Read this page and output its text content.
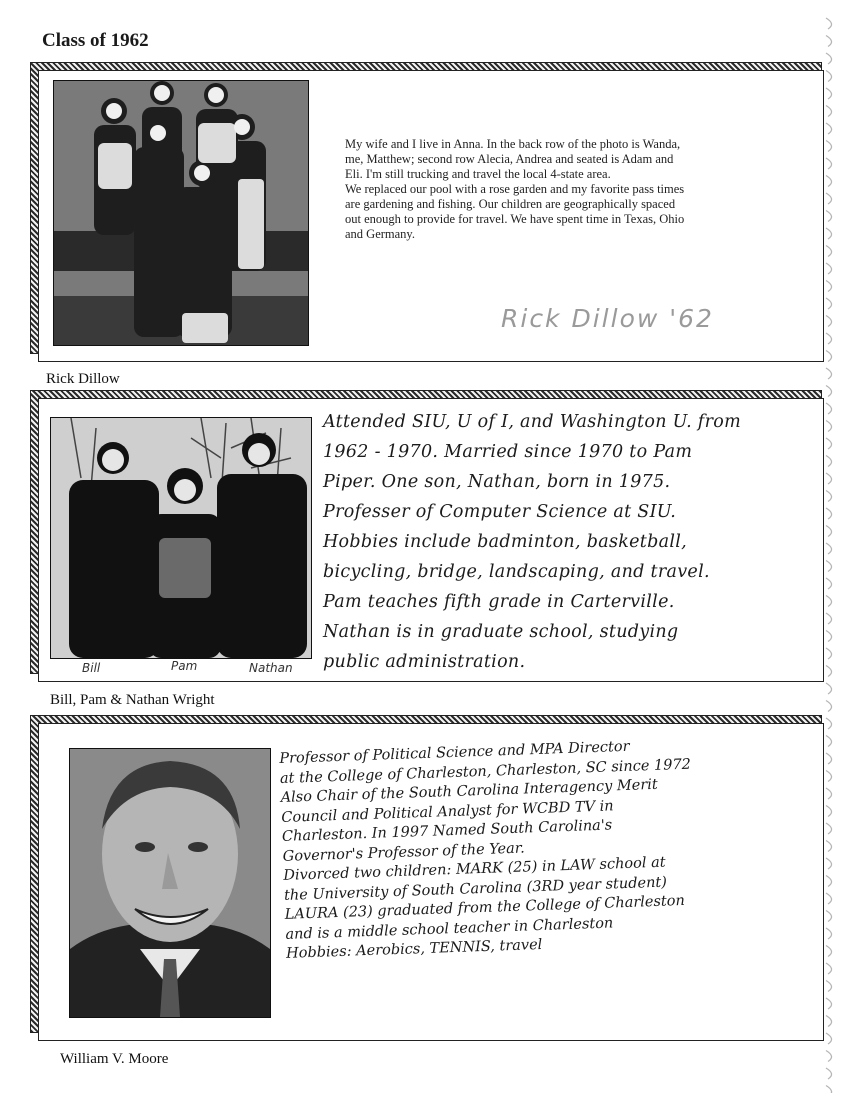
Class of 1962
My wife and I live in Anna. In the back row of the photo is Wanda,
me, Matthew; second row Alecia, Andrea and seated is Adam and
Eli. I'm still trucking and travel the local 4-state area.
We replaced our pool with a rose garden and my favorite pass times
are gardening and fishing. Our children are geographically spaced
out enough to provide for travel. We have spent time in Texas, Ohio
and Germany.
Rick Dillow '62
Rick Dillow
Bill	Pam	Nathan
Attended SIU, U of I, and Washington U. from
1962 - 1970. Married since 1970 to Pam
Piper. One son, Nathan, born in 1975.
Professer of Computer Science at SIU.
Hobbies include badminton, basketball,
bicycling, bridge, landscaping, and travel.
Pam teaches fifth grade in Carterville.
Nathan is in graduate school, studying
public administration.
Bill, Pam & Nathan Wright
Professor of Political Science and MPA Director
at the College of Charleston, Charleston, SC since 1972
Also Chair of the South Carolina Interagency Merit
Council and Political Analyst for WCBD TV in
Charleston. In 1997 Named South Carolina's
Governor's Professor of the Year.
Divorced two children: MARK (25) in LAW school at
the University of South Carolina (3RD year student)
LAURA (23) graduated from the College of Charleston
and is a middle school teacher in Charleston
Hobbies: Aerobics, TENNIS, travel
William V. Moore
